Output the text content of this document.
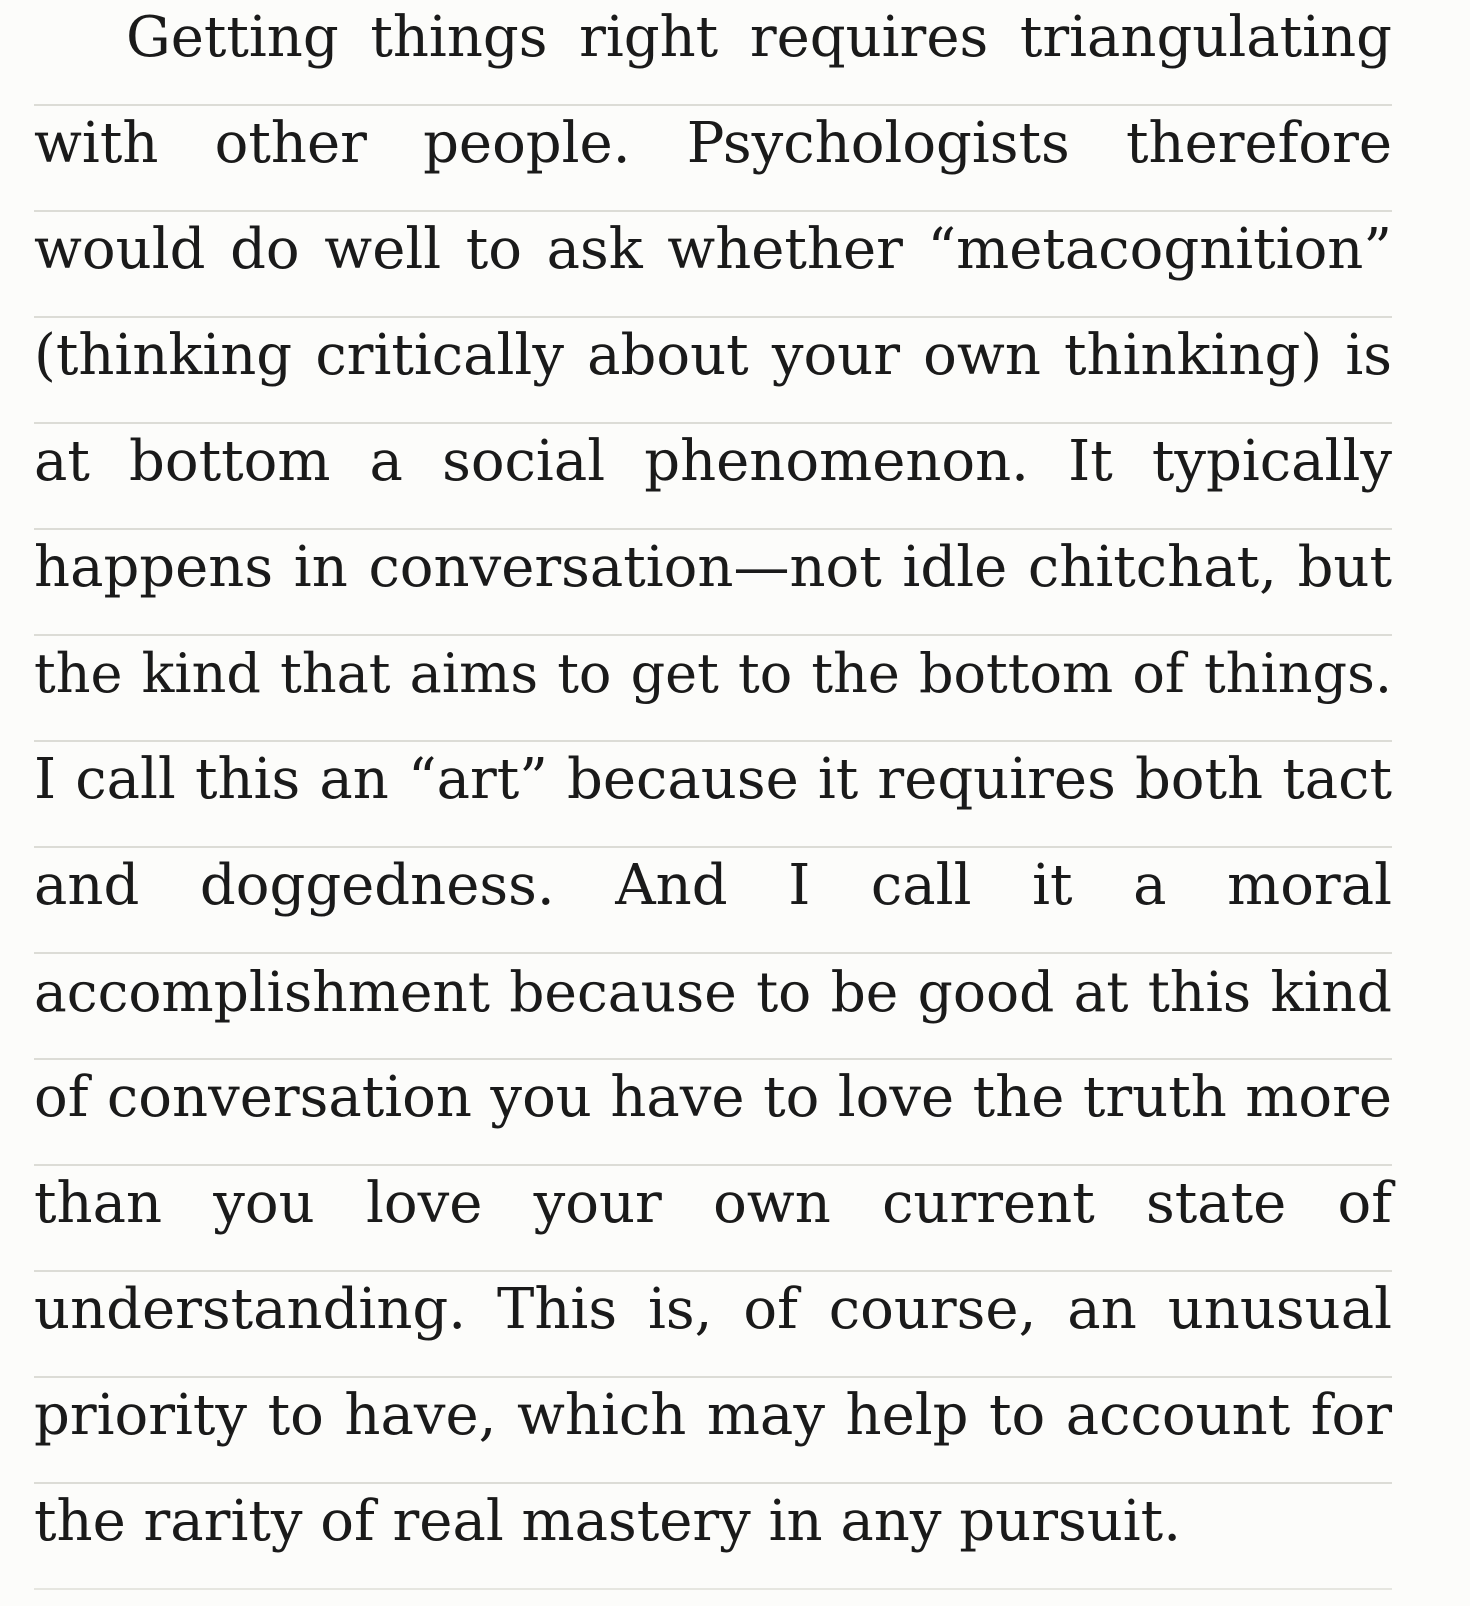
Getting things right requires triangulating
with other people. Psychologists therefore
would do well to ask whether “metacognition”
(thinking critically about your own thinking) is
at bottom a social phenomenon. It typically
happens in conversation—not idle chitchat, but
the kind that aims to get to the bottom of things.
I call this an “art” because it requires both tact
and doggedness. And I call it a moral
accomplishment because to be good at this kind
of conversation you have to love the truth more
than you love your own current state of
understanding. This is, of course, an unusual
priority to have, which may help to account for
the rarity of real mastery in any pursuit.
